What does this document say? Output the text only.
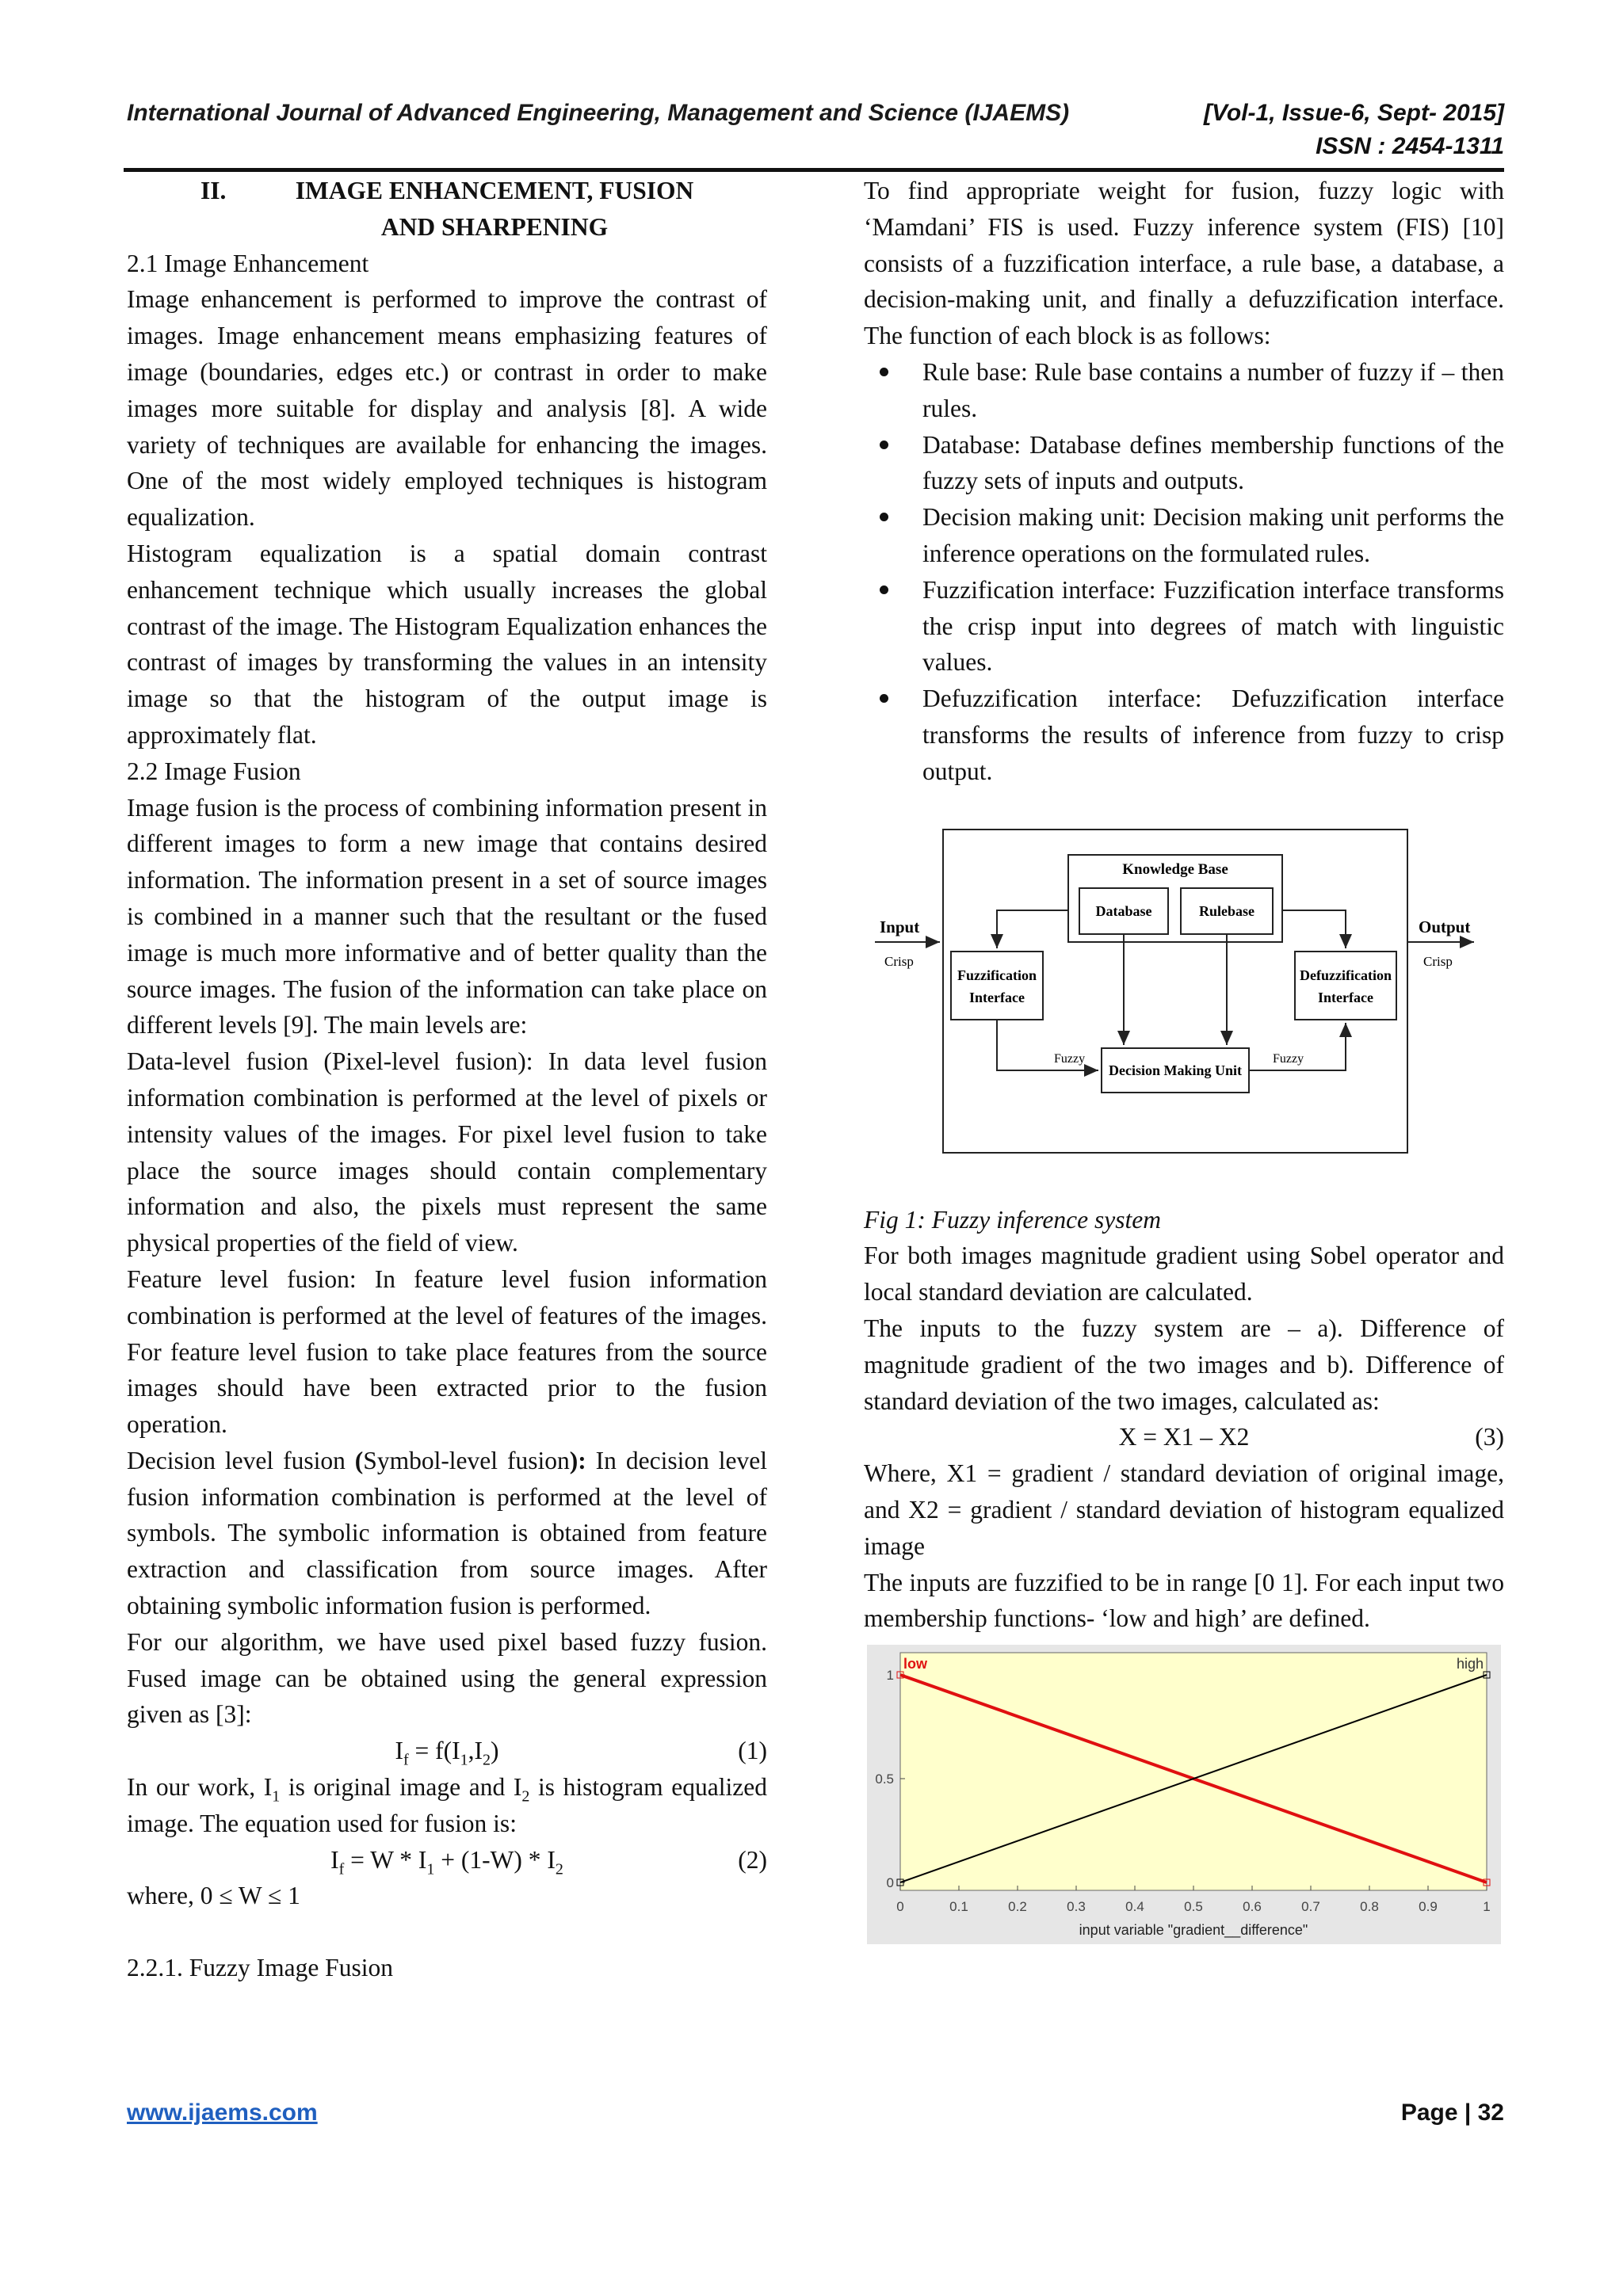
International Journal of Advanced Engineering, Management and Science (IJAEMS)	[Vol-1, Issue-6, Sept- 2015]
ISSN : 2454-1311
II.	IMAGE ENHANCEMENT, FUSION
AND SHARPENING

2.1 Image Enhancement

Image enhancement is performed to improve the contrast of images. Image enhancement means emphasizing features of image (boundaries, edges etc.) or contrast in order to make images more suitable for display and analysis [8]. A wide variety of techniques are available for enhancing the images. One of the most widely employed techniques is histogram equalization.

Histogram equalization is a spatial domain contrast enhancement technique which usually increases the global contrast of the image. The Histogram Equalization enhances the contrast of images by transforming the values in an intensity image so that the histogram of the output image is approximately flat.

2.2 Image Fusion

Image fusion is the process of combining information present in different images to form a new image that contains desired information. The information present in a set of source images is combined in a manner such that the resultant or the fused image is much more informative and of better quality than the source images. The fusion of the information can take place on different levels [9]. The main levels are:

Data-level fusion (Pixel-level fusion): In data level fusion information combination is performed at the level of pixels or intensity values of the images. For pixel level fusion to take place the source images should contain complementary information and also, the pixels must represent the same physical properties of the field of view.

Feature level fusion: In feature level fusion information combination is performed at the level of features of the images. For feature level fusion to take place features from the source images should have been extracted prior to the fusion operation.

Decision level fusion (Symbol-level fusion): In decision level fusion information combination is performed at the level of symbols. The symbolic information is obtained from feature extraction and classification from source images. After obtaining symbolic information fusion is performed.

For our algorithm, we have used pixel based fuzzy fusion. Fused image can be obtained using the general expression given as [3]:

$I_f = f(I_1,I_2)$	(1)

In our work, $I_1$ is original image and $I_2$ is histogram equalized image. The equation used for fusion is:

$I_f = W * I_1 + (1-W) * I_2$	(2)

where, 0 ≤ W ≤ 1

2.2.1. Fuzzy Image Fusion

To find appropriate weight for fusion, fuzzy logic with ‘Mamdani’ FIS is used. Fuzzy inference system (FIS) [10] consists of a fuzzification interface, a rule base, a database, a decision-making unit, and finally a defuzzification interface. The function of each block is as follows:

Rule base: Rule base contains a number of fuzzy if – then rules.
Database: Database defines membership functions of the fuzzy sets of inputs and outputs.
Decision making unit: Decision making unit performs the inference operations on the formulated rules.
Fuzzification interface: Fuzzification interface transforms the crisp input into degrees of match with linguistic values.
Defuzzification interface: Defuzzification interface transforms the results of inference from fuzzy to crisp output.
Knowledge Base
Database	Rulebase
Fuzzification
Interface
Defuzzification
Interface
Decision Making Unit
Input
Crisp
Output
Crisp
Fuzzy	Fuzzy

Fig 1: Fuzzy inference system

For both images magnitude gradient using Sobel operator and local standard deviation are calculated.

The inputs to the fuzzy system are – a). Difference of magnitude gradient of the two images and b). Difference of standard deviation of the two images, calculated as:

X = X1 – X2	(3)

Where, X1 = gradient / standard deviation of original image, and X2 = gradient / standard deviation of histogram equalized image

The inputs are fuzzified to be in range [0 1]. For each input two membership functions- ‘low and high’ are defined.

0	0.1	0.2	0.3	0.4	0.5	0.6	0.7	0.8	0.9	1
0
0.5
1
low	high
input variable "gradient__difference"
www.ijaems.com	Page | 32
